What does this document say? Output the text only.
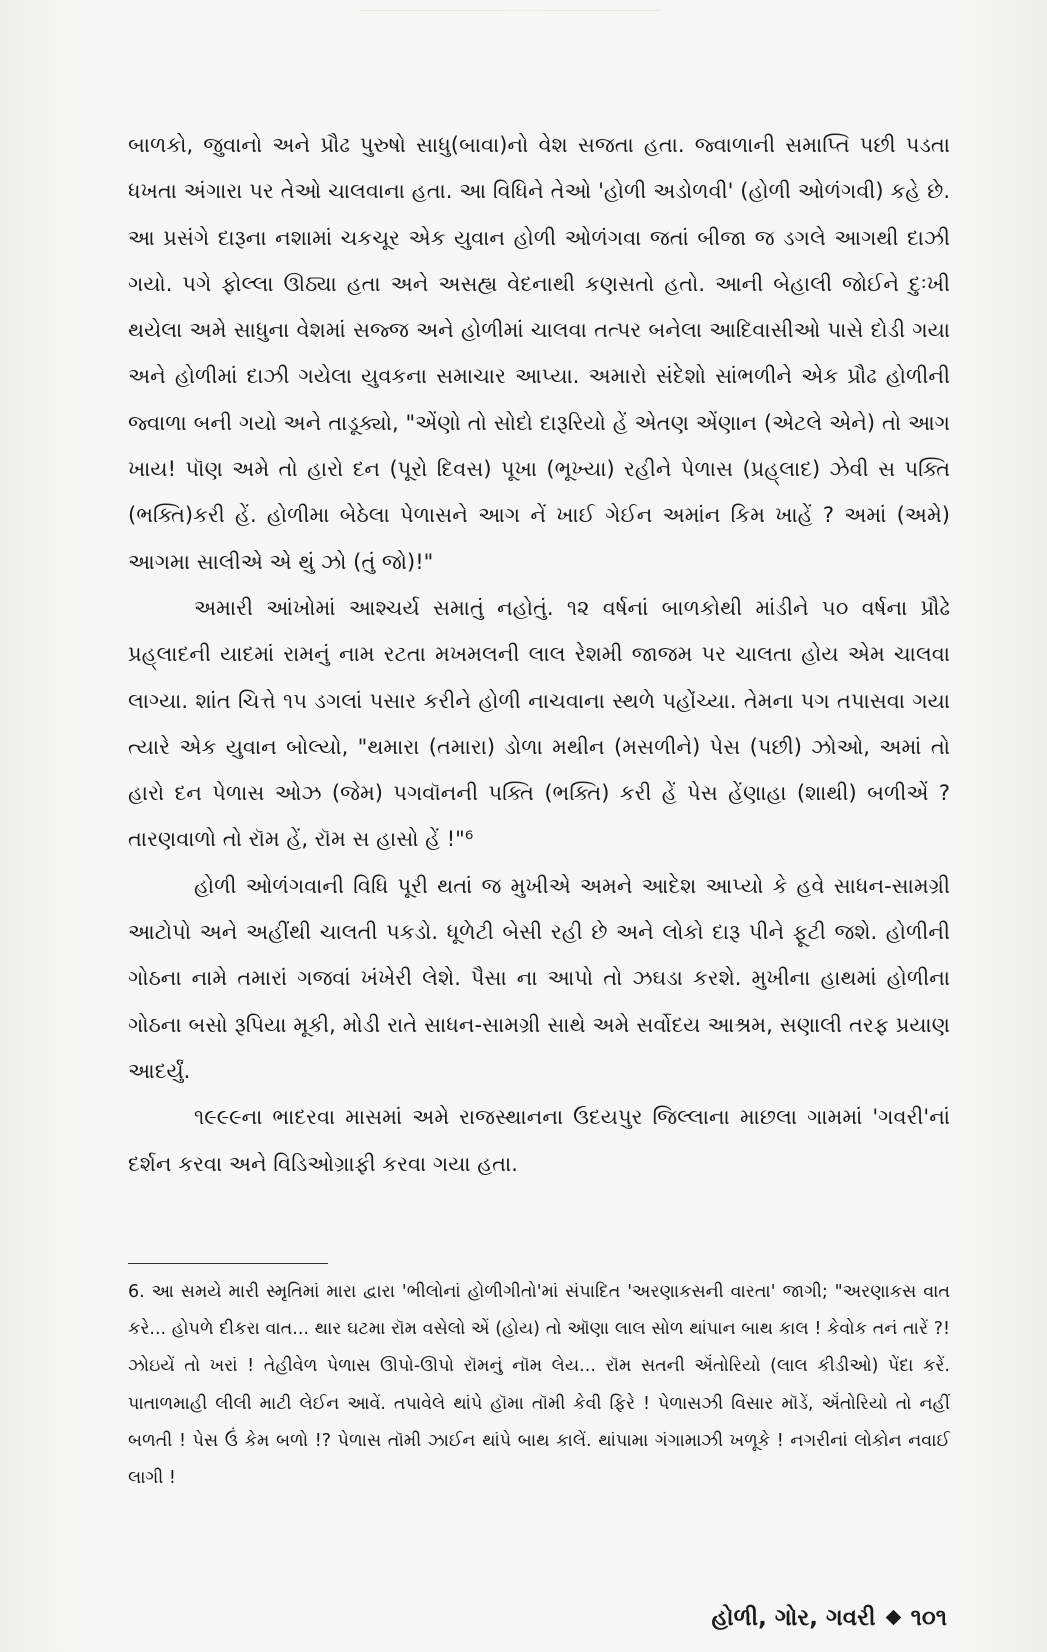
બાળકો, જુવાનો અને પ્રૌઢ પુરુષો સાધુ(બાવા)નો વેશ સજતા હતા. જ્વાળાની સમાપ્તિ પછી પડતા ધખતા અંગારા પર તેઓ ચાલવાના હતા. આ વિધિને તેઓ 'હોળી અડોળવી' (હોળી ઓળંગવી) કહે છે. આ પ્રસંગે દારૂના નશામાં ચકચૂર એક યુવાન હોળી ઓળંગવા જતાં બીજા જ ડગલે આગથી દાઝી ગયો. પગે ફોલ્લા ઊઠ્યા હતા અને અસહ્ય વેદનાથી કણસતો હતો. આની બેહાલી જોઈને દુઃખી થયેલા અમે સાધુના વેશમાં સજ્જ અને હોળીમાં ચાલવા તત્પર બનેલા આદિવાસીઓ પાસે દોડી ગયા અને હોળીમાં દાઝી ગયેલા યુવકના સમાચાર આપ્યા. અમારો સંદેશો સાંભળીને એક પ્રૌઢ હોળીની જ્વાળા બની ગયો અને તાડૂક્યો, "એંણો તો સોદો દારૂરિયો હેં એતણ એંણાન (એટલે એને) તો આગ ખાય! પૉણ અમે તો હારો દન (પૂરો દિવસ) પૂખા (ભૂખ્યા) રહીને પેળાસ (પ્રહ્‌લાદ) ઝેવી સ પક્તિ (ભક્તિ)કરી હેં. હોળીમા બેઠેલા પેળાસને આગ નેં ખાઈ ગેઈન અમાંન કિમ ખાહેં ? અમાં (અમે) આગમા સાલીએ એ થું ઝો (તું જો)!"

અમારી આંખોમાં આશ્ચર્ય સમાતું નહોતું. ૧૨ વર્ષનાં બાળકોથી માંડીને ૫૦ વર્ષના પ્રૌઢે પ્રહ્‌લાદની યાદમાં રામનું નામ રટતા મખમલની લાલ રેશમી જાજમ પર ચાલતા હોય એમ ચાલવા લાગ્યા. શાંત ચિત્તે ૧૫ ડગલાં પસાર કરીને હોળી નાચવાના સ્થળે પહોંચ્યા. તેમના પગ તપાસવા ગયા ત્યારે એક યુવાન બોલ્યો, "થમારા (તમારા) ડોળા મથીન (મસળીને) પેસ (પછી) ઝોઓ, અમાં તો હારો દન પેળાસ ઓઝ (જેમ) પગવૉનની પક્તિ (ભક્તિ) કરી હેં પેસ હેંણાહા (શાથી) બળીએં ? તારણવાળો તો રૉમ હેં, રૉમ સ હાસો હેં !"⁶

હોળી ઓળંગવાની વિધિ પૂરી થતાં જ મુખીએ અમને આદેશ આપ્યો કે હવે સાધન-સામગ્રી આટોપો અને અહીંથી ચાલતી પકડો. ધૂળેટી બેસી રહી છે અને લોકો દારૂ પીને ફૂટી જશે. હોળીની ગોઠના નામે તમારાં ગજવાં ખંખેરી લેશે. પૈસા ના આપો તો ઝઘડા કરશે. મુખીના હાથમાં હોળીના ગોઠના બસો રૂપિયા મૂકી, મોડી રાતે સાધન-સામગ્રી સાથે અમે સર્વોદય આશ્રમ, સણાલી તરફ પ્રયાણ આદર્યું.

૧૯૯૯ના ભાદરવા માસમાં અમે રાજસ્થાનના ઉદયપુર જિલ્લાના માછલા ગામમાં 'ગવરી'નાં દર્શન કરવા અને વિડિઓગ્રાફી કરવા ગયા હતા.

6. આ સમયે મારી સ્મૃતિમાં મારા દ્વારા 'ભીલોનાં હોળીગીતો'માં સંપાદિત 'અરણાકસની વારતા' જાગી; "અરણાકસ વાત કરે... હોપળે દીકરા વાત... થાર ઘટમા રૉમ વસેલો એં (હોય) તો ઑણા લાલ સોળ થાંપાન બાથ કાલ ! કેવોક તનં તારેં ?! ઝોઇયેં તો ખરાં ! તેહીવેળ પેળાસ ઊપો-ઊપો રૉમનું નૉમ લેય... રૉમ સતની ઍંતોરિયો (લાલ કીડીઓ) પેંદા કરેં. પાતાળમાહી લીલી માટી લેઈન આવેં. તપાવેલે થાંપે હૉમા તૉમી કેવી ફિરે ! પેળાસઝી વિસાર મૉડેં, ઍંતોરિયો તો નહીં બળતી ! પેસ ઉં કેમ બળો !? પેળાસ તૉમી ઝાઈન થાંપે બાથ કાલેં. થાંપામા ગંગામાઝી ખળૂકે ! નગરીનાં લોકોન નવાઈ લાગી !

હોળી, ગોર, ગવરી ૧૦૧
